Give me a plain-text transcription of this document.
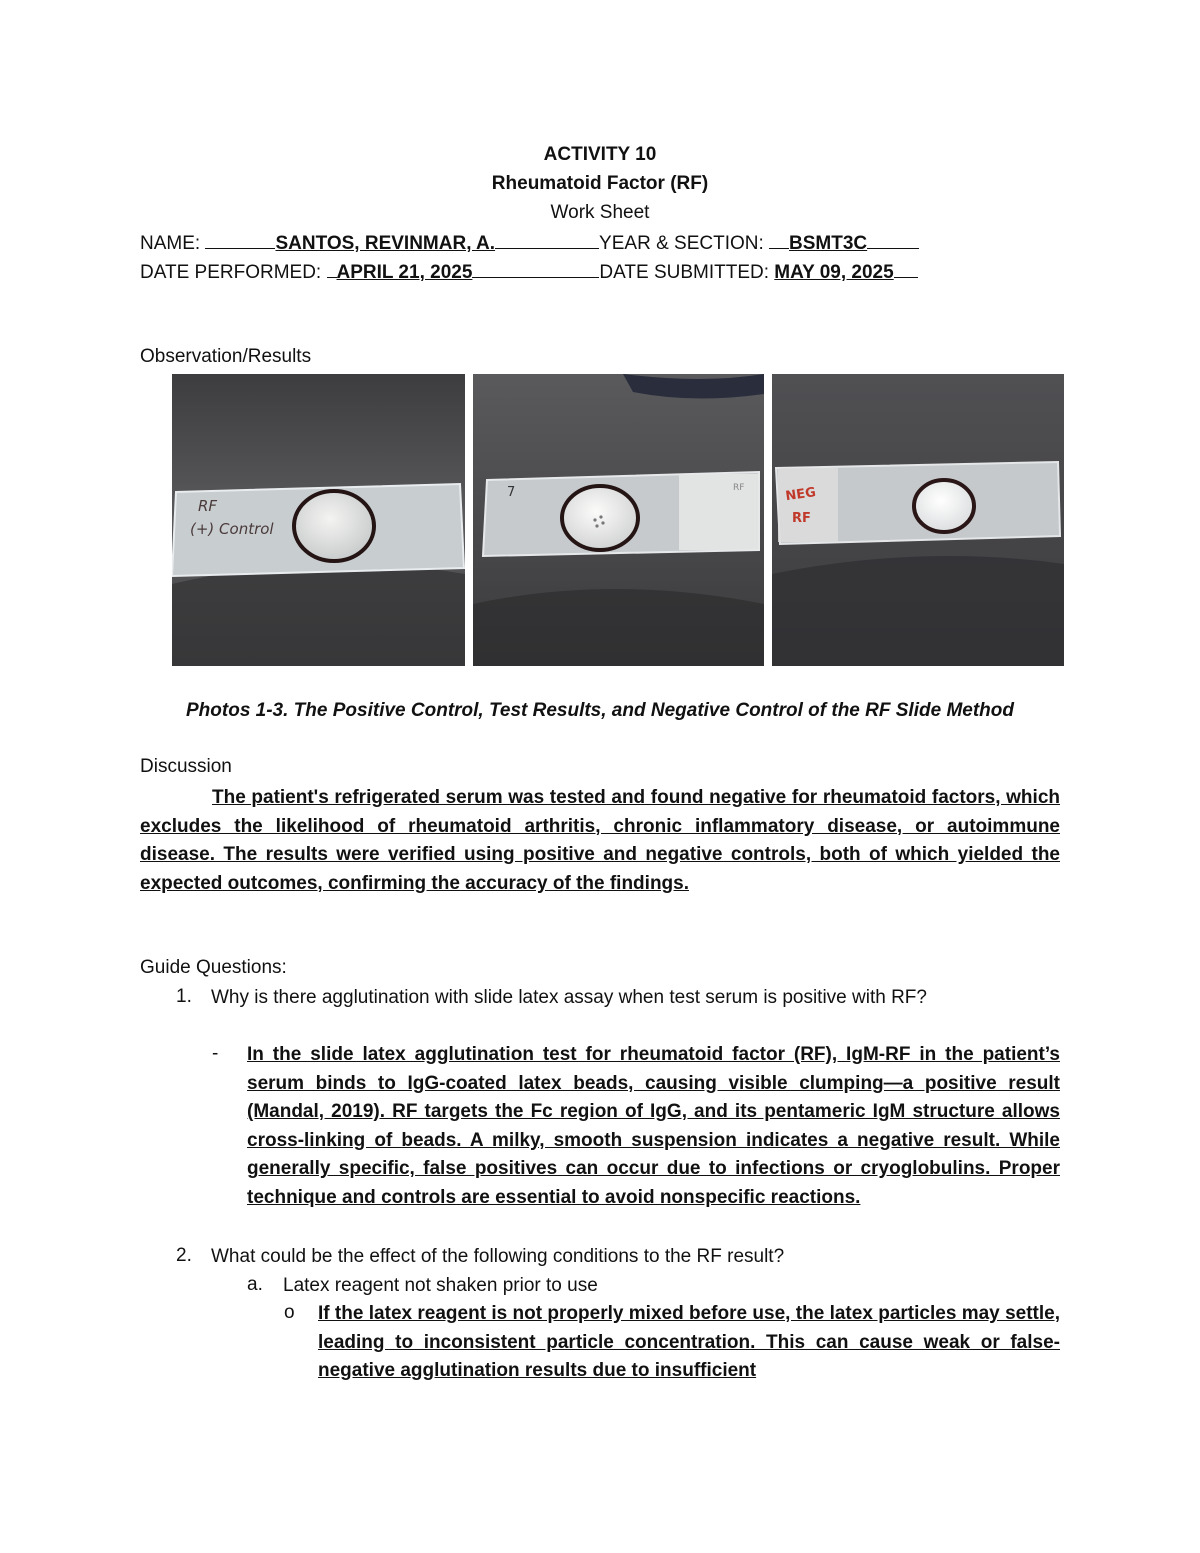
ACTIVITY 10
Rheumatoid Factor (RF)
Work Sheet
NAME:	SANTOS, REVINMAR, A.	YEAR & SECTION: BSMT3C
DATE PERFORMED: APRIL 21, 2025	DATE SUBMITTED: MAY 09, 2025
Observation/Results
RF
(+) Control
7	RF	NEG
RF
Photos 1-3. The Positive Control, Test Results, and Negative Control of the RF Slide Method
Discussion
The patient's refrigerated serum was tested and found negative for rheumatoid factors, which excludes the likelihood of rheumatoid arthritis, chronic inflammatory disease, or autoimmune disease. The results were verified using positive and negative controls, both of which yielded the expected outcomes, confirming the accuracy of the findings.
Guide Questions:
1. Why is there agglutination with slide latex assay when test serum is positive with RF?
- In the slide latex agglutination test for rheumatoid factor (RF), IgM-RF in the patient’s serum binds to IgG-coated latex beads, causing visible clumping—a positive result (Mandal, 2019). RF targets the Fc region of IgG, and its pentameric IgM structure allows cross-linking of beads. A milky, smooth suspension indicates a negative result. While generally specific, false positives can occur due to infections or cryoglobulins. Proper technique and controls are essential to avoid nonspecific reactions.
2. What could be the effect of the following conditions to the RF result?
a. Latex reagent not shaken prior to use
o If the latex reagent is not properly mixed before use, the latex particles may settle, leading to inconsistent particle concentration. This can cause weak or false-negative agglutination results due to insufficient
